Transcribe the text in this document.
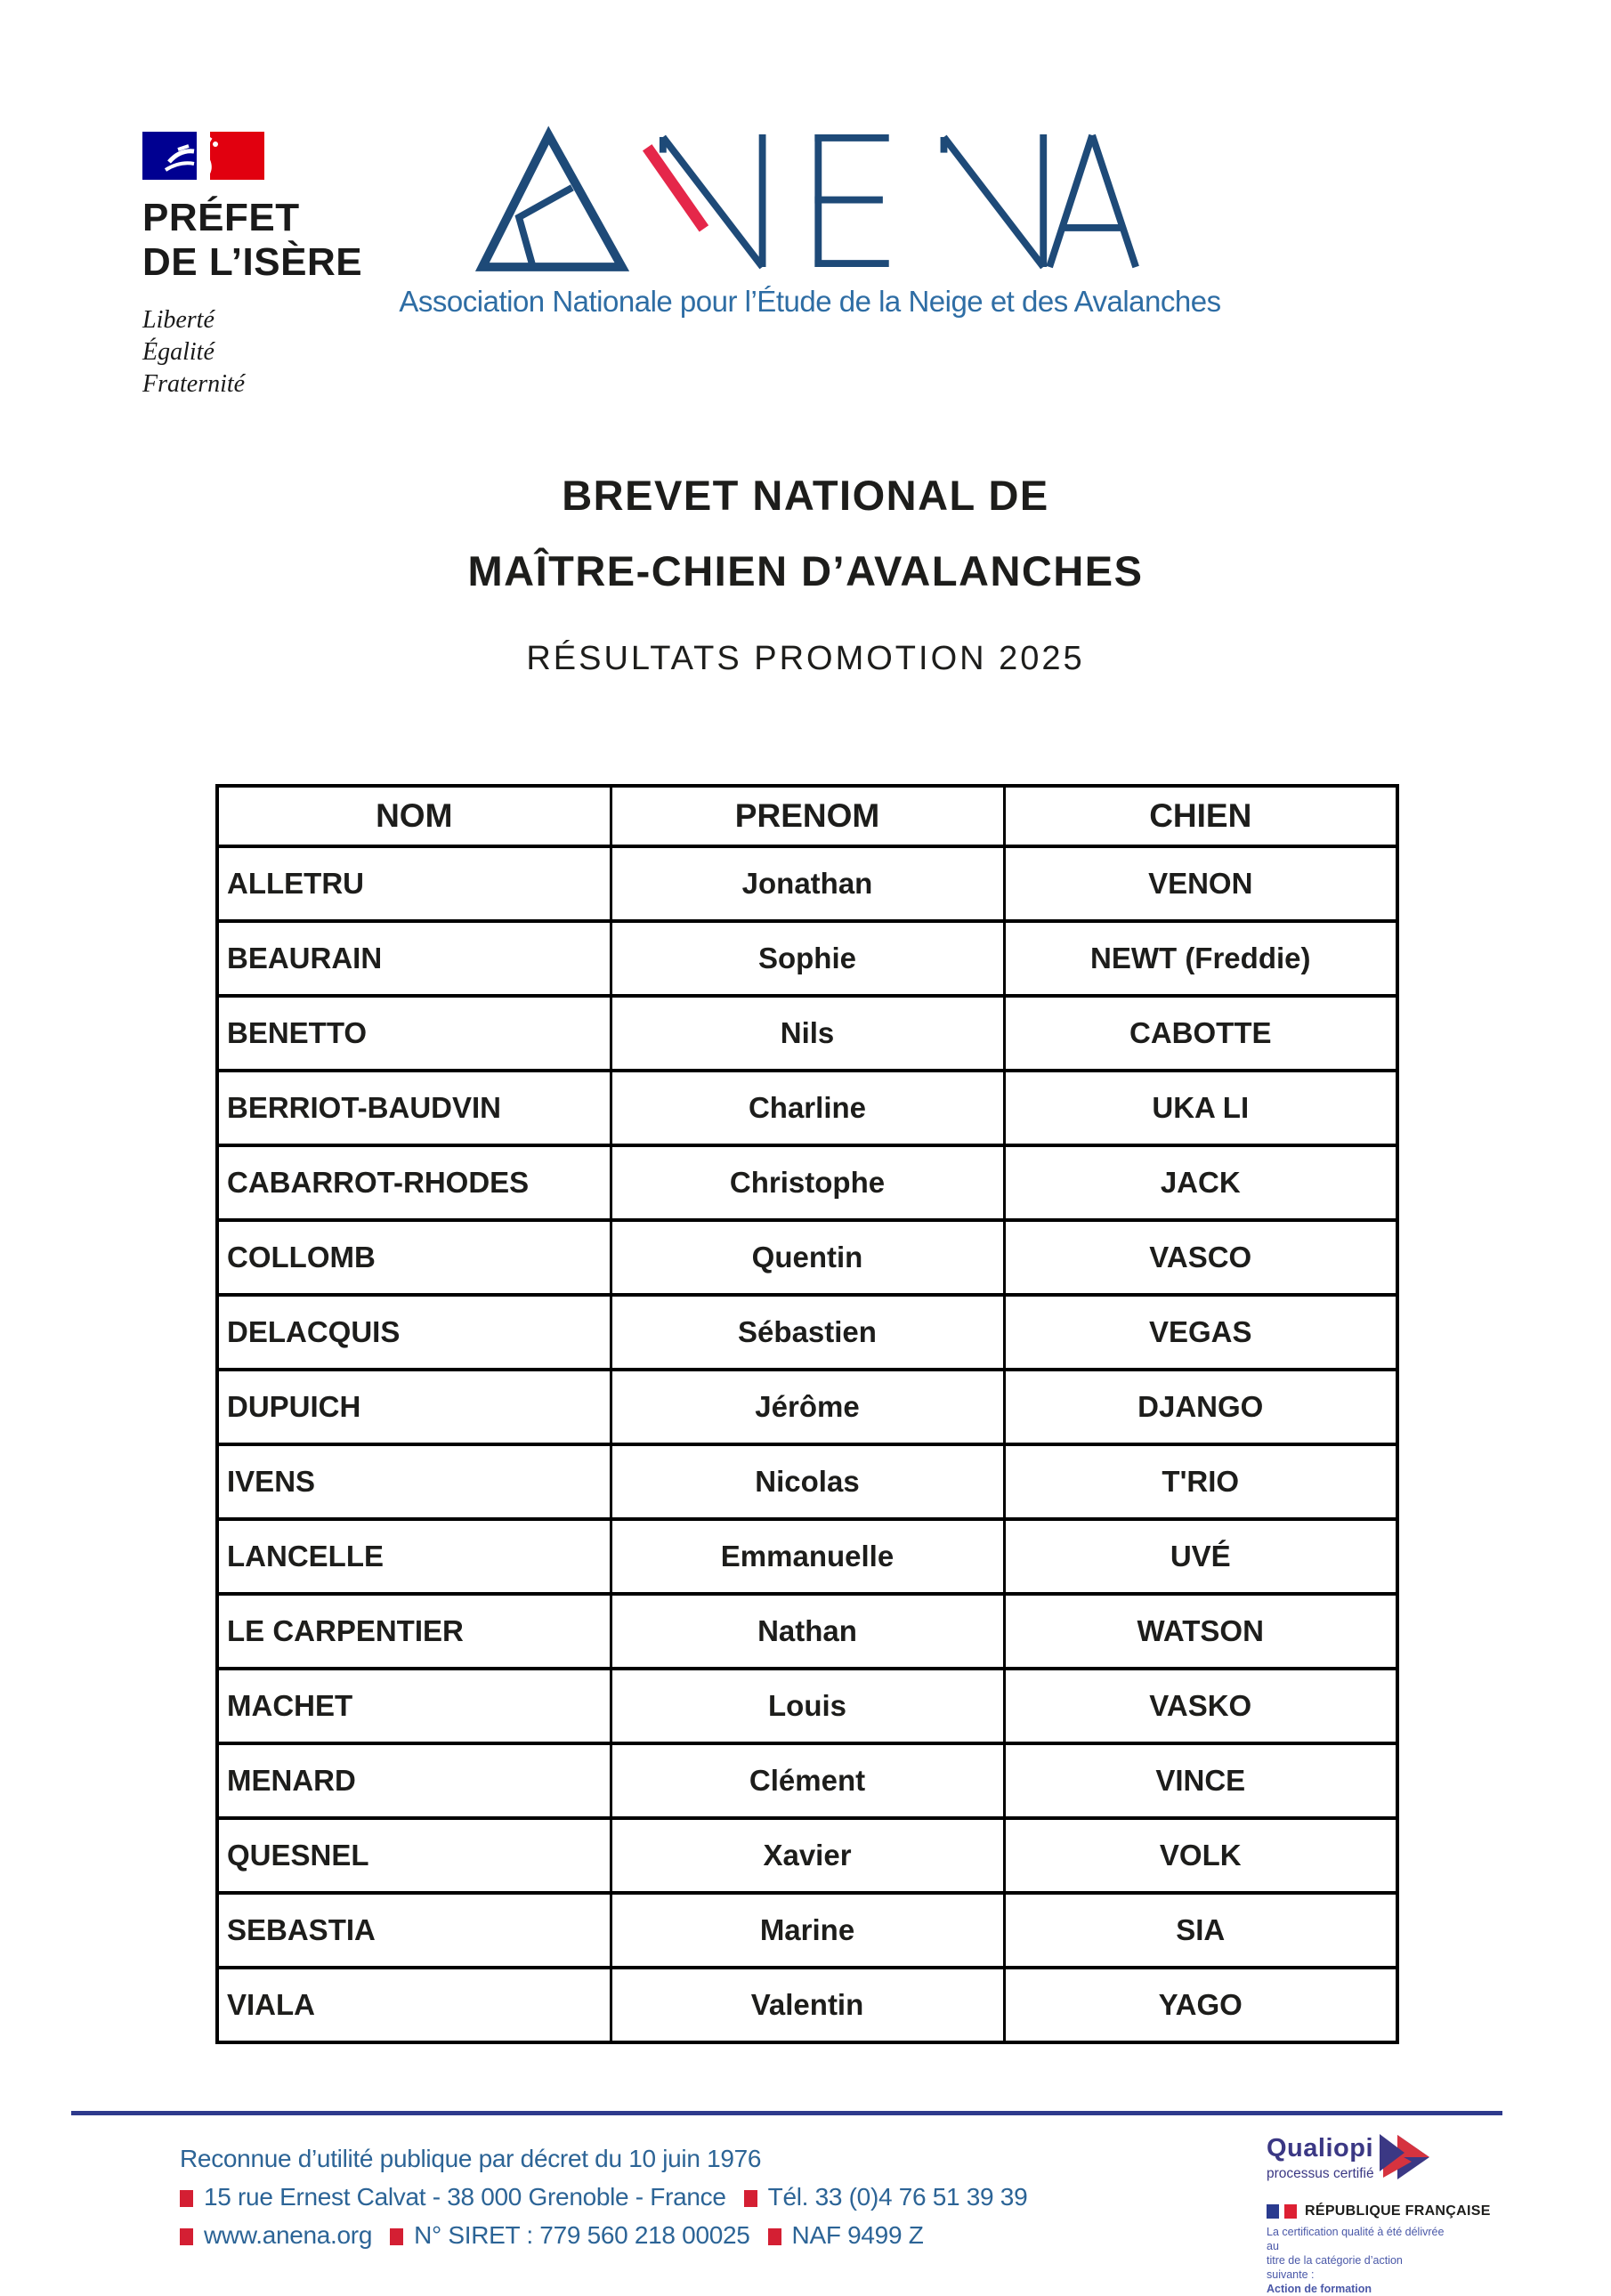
PRÉFET
DE L’ISÈRE
Liberté
Égalité
Fraternité
Association Nationale pour l’Étude de la Neige et des Avalanches
BREVET NATIONAL DE
MAÎTRE-CHIEN D’AVALANCHES
RÉSULTATS PROMOTION 2025
NOM	PRENOM	CHIEN
ALLETRU	Jonathan	VENON
BEAURAIN	Sophie	NEWT (Freddie)
BENETTO	Nils	CABOTTE
BERRIOT-BAUDVIN	Charline	UKA LI
CABARROT-RHODES	Christophe	JACK
COLLOMB	Quentin	VASCO
DELACQUIS	Sébastien	VEGAS
DUPUICH	Jérôme	DJANGO
IVENS	Nicolas	T'RIO
LANCELLE	Emmanuelle	UVÉ
LE CARPENTIER	Nathan	WATSON
MACHET	Louis	VASKO
MENARD	Clément	VINCE
QUESNEL	Xavier	VOLK
SEBASTIA	Marine	SIA
VIALA	Valentin	YAGO
Reconnue d’utilité publique par décret du 10 juin 1976
15 rue Ernest Calvat - 38 000 Grenoble - France Tél. 33 (0)4 76 51 39 39
www.anena.org N° SIRET : 779 560 218 00025 NAF 9499 Z
Qualiopi
processus certifié
RÉPUBLIQUE FRANÇAISE
La certification qualité à été délivrée au
titre de la catégorie d’action suivante :
Action de formation
